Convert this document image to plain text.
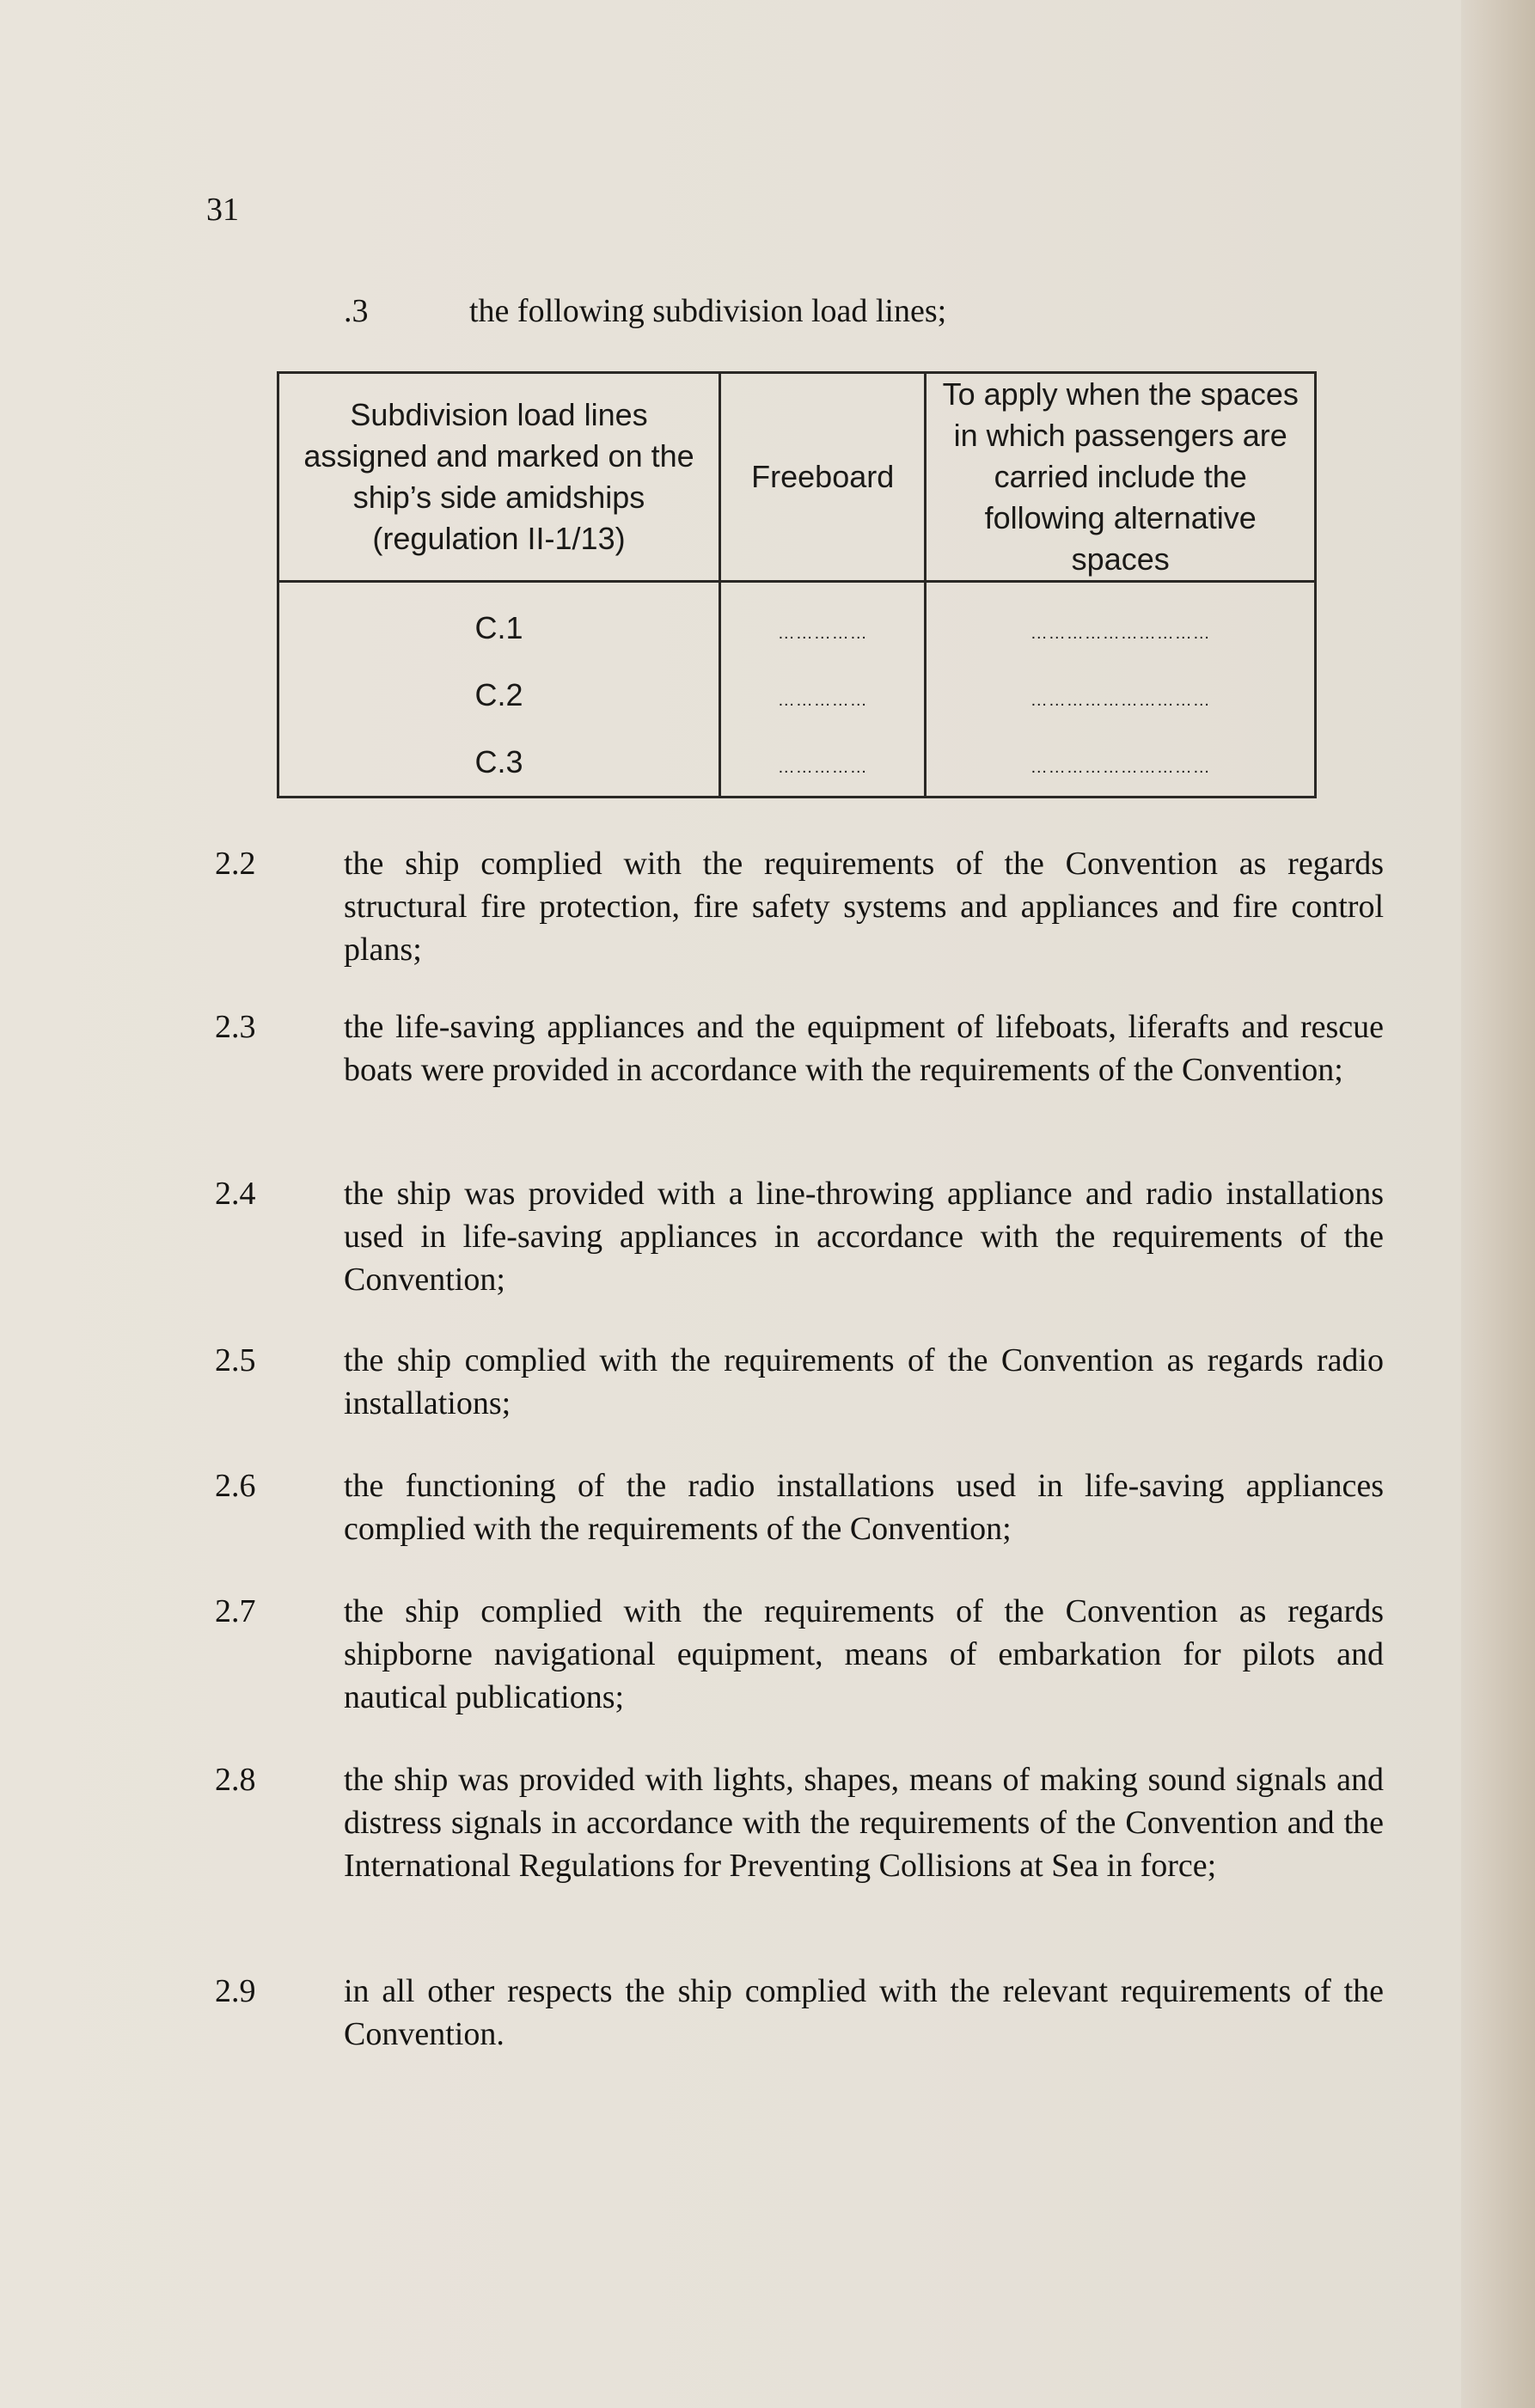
31
.3	the following subdivision load lines;
Subdivision load lines assigned and marked on the ship’s side amidships (regulation II-1/13)	Freeboard	To apply when the spaces in which passengers are carried include the following alternative spaces
C.1	……………	…………………………
C.2	……………	…………………………
C.3	……………	…………………………
2.2	the ship complied with the requirements of the Convention as regards structural fire protection, fire safety systems and appliances and fire control plans;
2.3	the life-saving appliances and the equipment of lifeboats, liferafts and rescue boats were provided in accordance with the requirements of the Convention;
2.4	the ship was provided with a line-throwing appliance and radio installations used in life-saving appliances in accordance with the requirements of the Convention;
2.5	the ship complied with the requirements of the Convention as regards radio installations;
2.6	the functioning of the radio installations used in life-saving appliances complied with the requirements of the Convention;
2.7	the ship complied with the requirements of the Convention as regards shipborne navigational equipment, means of embarkation for pilots and nautical publications;
2.8	the ship was provided with lights, shapes, means of making sound signals and distress signals in accordance with the requirements of the Convention and the International Regulations for Preventing Collisions at Sea in force;
2.9	in all other respects the ship complied with the relevant requirements of the Convention.
